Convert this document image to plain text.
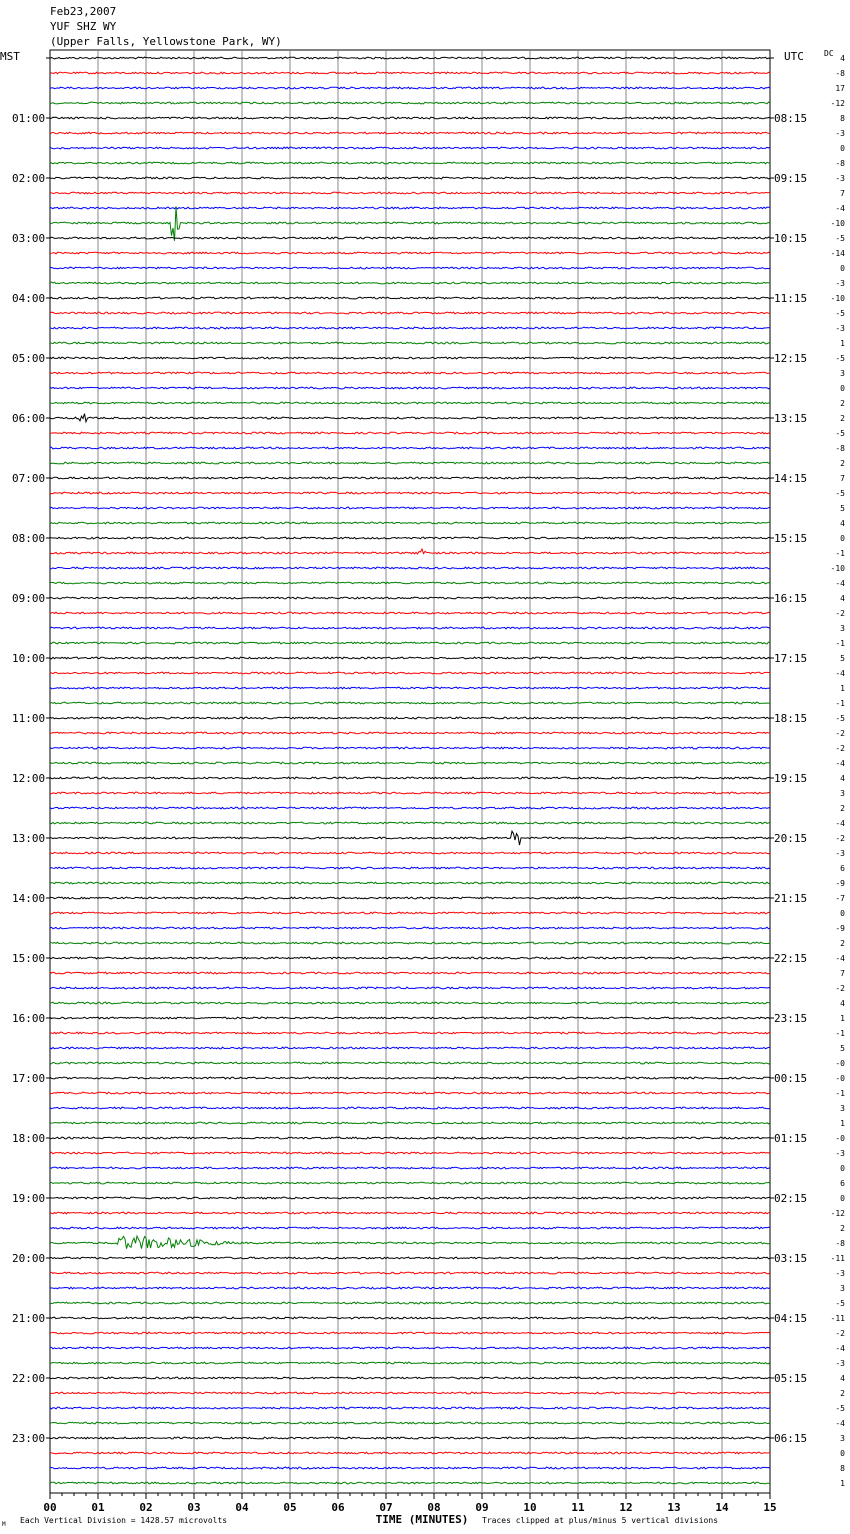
Feb23,2007
YUF SHZ WY
(Upper Falls, Yellowstone Park, WY)
MST	UTC	DC
01:00	08:15
02:00	09:15
03:00	10:15
04:00	11:15
05:00	12:15
06:00	13:15
07:00	14:15
08:00	15:15
09:00	16:15
10:00	17:15
11:00	18:15
12:00	19:15
13:00	20:15
14:00	21:15
15:00	22:15
16:00	23:15
17:00	00:15
18:00	01:15
19:00	02:15
20:00	03:15
21:00	04:15
22:00	05:15
23:00	06:15
4
-8
17
-12
8
-3
0
-8
-3
7
-4
-10
-5
-14
0
-3
-10
-5
-3
1
-5
3
0
2
2
-5
-8
2
7
-5
5
4
0
-1
-10
-4
4
-2
3
-1
5
-4
1
-1
-5
-2
-2
-4
4
3
2
-4
-2
-3
6
-9
-7
0
-9
2
-4
7
-2
4
1
-1
5
-0
-0
-1
3
1
-0
-3
0
6
0
-12
2
-8
-11
-3
3
-5
-11
-2
-4
-3
4
2
-5
-4
3
0
8
1
00	01	02	03	04	05	06	07	08	09	10	11	12	13	14	15
TIME (MINUTES)
Each Vertical Division = 1428.57 microvolts	Traces clipped at plus/minus 5 vertical divisions
M
